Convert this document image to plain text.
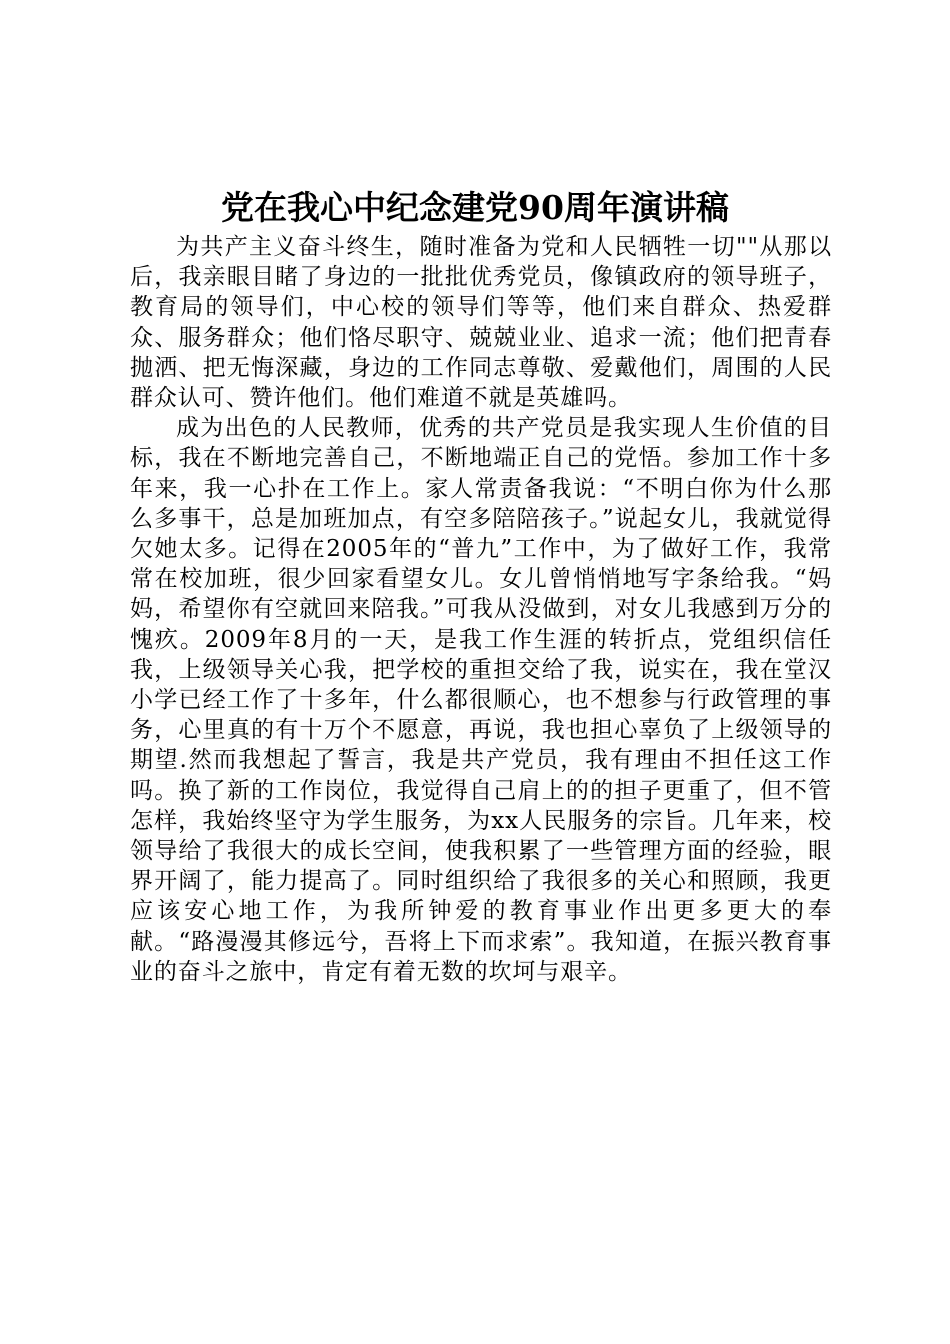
党在我心中纪念建党90周年演讲稿

为共产主义奋斗终生，随时准备为党和人民牺牲一切""从那以后，我亲眼目睹了身边的一批批优秀党员，像镇政府的领导班子，教育局的领导们，中心校的领导们等等，他们来自群众、热爱群众、服务群众；他们恪尽职守、兢兢业业、追求一流；他们把青春抛洒、把无悔深藏，身边的工作同志尊敬、爱戴他们，周围的人民群众认可、赞许他们。他们难道不就是英雄吗。

成为出色的人民教师，优秀的共产党员是我实现人生价值的目标，我在不断地完善自己，不断地端正自己的党悟。参加工作十多年来，我一心扑在工作上。家人常责备我说：“不明白你为什么那么多事干，总是加班加点，有空多陪陪孩子。”说起女儿，我就觉得欠她太多。记得在2005年的“普九”工作中，为了做好工作，我常常在校加班，很少回家看望女儿。女儿曾悄悄地写字条给我。“妈妈，希望你有空就回来陪我。”可我从没做到，对女儿我感到万分的愧疚。2009年8月的一天，是我工作生涯的转折点，党组织信任我，上级领导关心我，把学校的重担交给了我，说实在，我在堂汉小学已经工作了十多年，什么都很顺心，也不想参与行政管理的事务，心里真的有十万个不愿意，再说，我也担心辜负了上级领导的期望.然而我想起了誓言，我是共产党员，我有理由不担任这工作吗。换了新的工作岗位，我觉得自己肩上的的担子更重了，但不管怎样，我始终坚守为学生服务，为xx人民服务的宗旨。几年来，校领导给了我很大的成长空间，使我积累了一些管理方面的经验，眼界开阔了，能力提高了。同时组织给了我很多的关心和照顾，我更应该安心地工作，为我所钟爱的教育事业作出更多更大的奉献。“路漫漫其修远兮，吾将上下而求索”。我知道，在振兴教育事业的奋斗之旅中，肯定有着无数的坎坷与艰辛。
